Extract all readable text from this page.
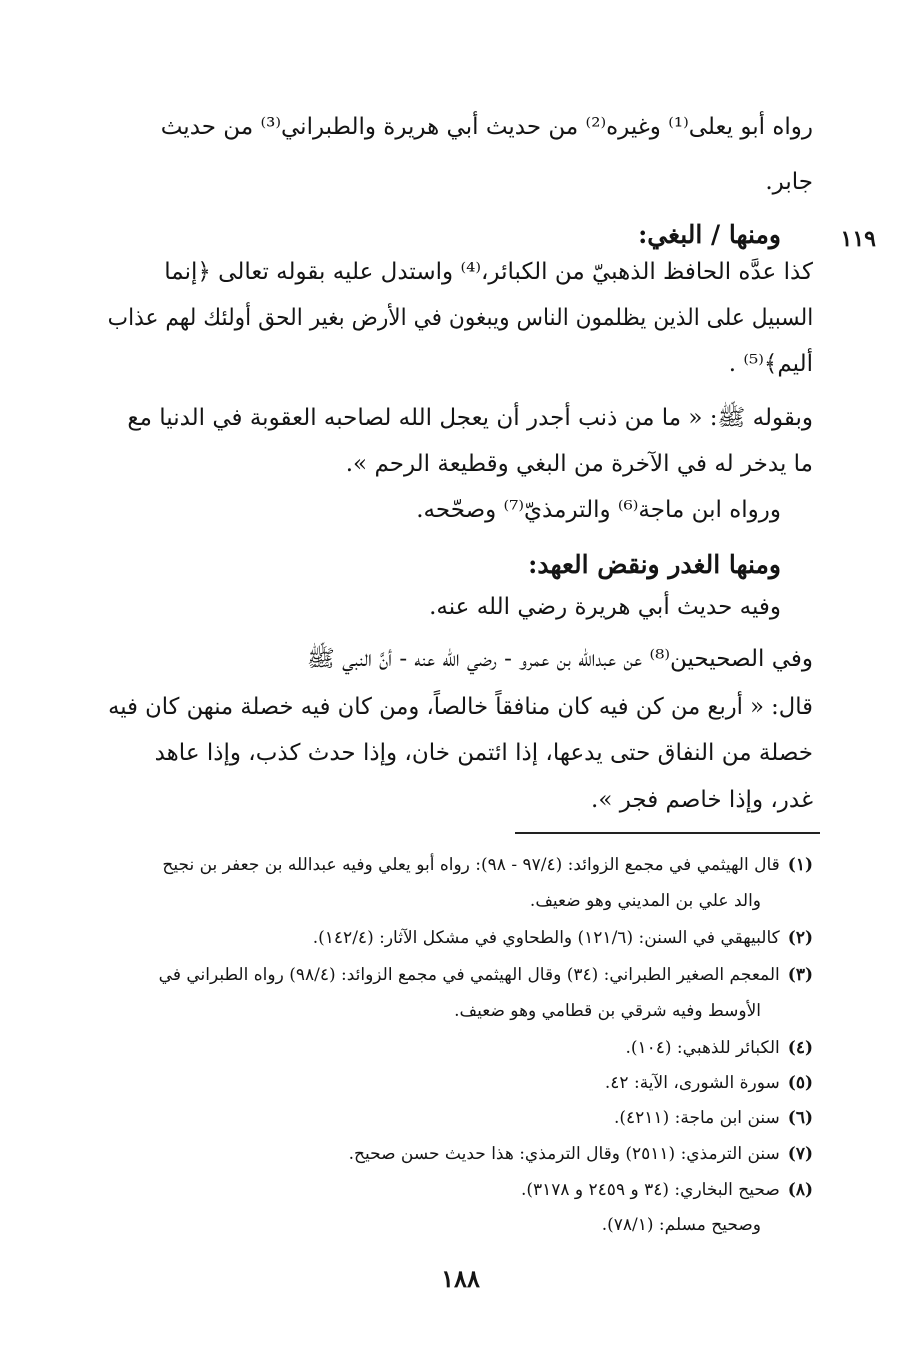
١١٩
رواه أبو يعلى⁽¹⁾ وغيره⁽²⁾ من حديث أبي هريرة والطبراني⁽³⁾ من حديث
جابر.
ومنها / البغي:
كذا عدَّه الحافظ الذهبيّ من الكبائر،⁽⁴⁾ واستدل عليه بقوله تعالى ﴿إنما
السبيل على الذين يظلمون الناس ويبغون في الأرض بغير الحق أولئك لهم عذاب
أليم﴾⁽⁵⁾ .
وبقوله ﷺ: « ما من ذنب أجدر أن يعجل الله لصاحبه العقوبة في الدنيا مع
ما يدخر له في الآخرة من البغي وقطيعة الرحم ».
ورواه ابن ماجة⁽⁶⁾ والترمذيّ⁽⁷⁾ وصحّحه.
ومنها الغدر ونقض العهد:
وفيه حديث أبي هريرة رضي الله عنه.
وفي الصحيحين⁽⁸⁾ عن عبدالله بن عمرو - رضي الله عنه - أنَّ النبي ﷺ
قال: « أربع من كن فيه كان منافقاً خالصاً، ومن كان فيه خصلة منهن كان فيه
خصلة من النفاق حتى يدعها، إذا ائتمن خان، وإذا حدث كذب، وإذا عاهد
غدر، وإذا خاصم فجر ».
(١)قال الهيثمي في مجمع الزوائد: (٩٧/٤ - ٩٨): رواه أبو يعلي وفيه عبدالله بن جعفر بن نجيح
والد علي بن المديني وهو ضعيف.
(٢)كالبيهقي في السنن: (١٢١/٦) والطحاوي في مشكل الآثار: (١٤٢/٤).
(٣)المعجم الصغير الطبراني: (٣٤) وقال الهيثمي في مجمع الزوائد: (٩٨/٤) رواه الطبراني في
الأوسط وفيه شرقي بن قطامي وهو ضعيف.
(٤)الكبائر للذهبي: (١٠٤).
(٥)سورة الشورى، الآية: ٤٢.
(٦)سنن ابن ماجة: (٤٢١١).
(٧)سنن الترمذي: (٢٥١١) وقال الترمذي: هذا حديث حسن صحيح.
(٨)صحيح البخاري: (٣٤ و ٢٤٥٩ و ٣١٧٨).
وصحيح مسلم: (٧٨/١).
١٨٨
